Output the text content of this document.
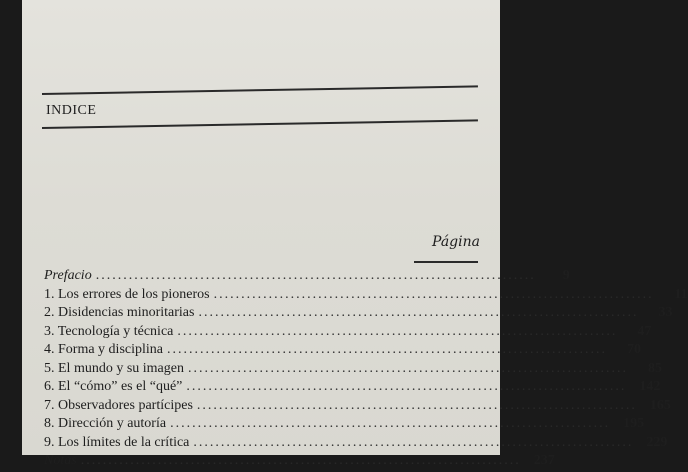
INDICE
Página
Prefacio ................................................................................	9
1. Los errores de los pioneros ................................................................................	11
2. Disidencias minoritarias ................................................................................	33
3. Tecnología y técnica ................................................................................	47
4. Forma y disciplina ................................................................................	70
5. El mundo y su imagen ................................................................................	85
6. El “cómo” es el “qué” ................................................................................ 142
7. Observadores partícipes ................................................................................ 165
8. Dirección y autoría ................................................................................ 195
9. Los límites de la crítica ................................................................................ 229
Notas ................................................................................ 237
